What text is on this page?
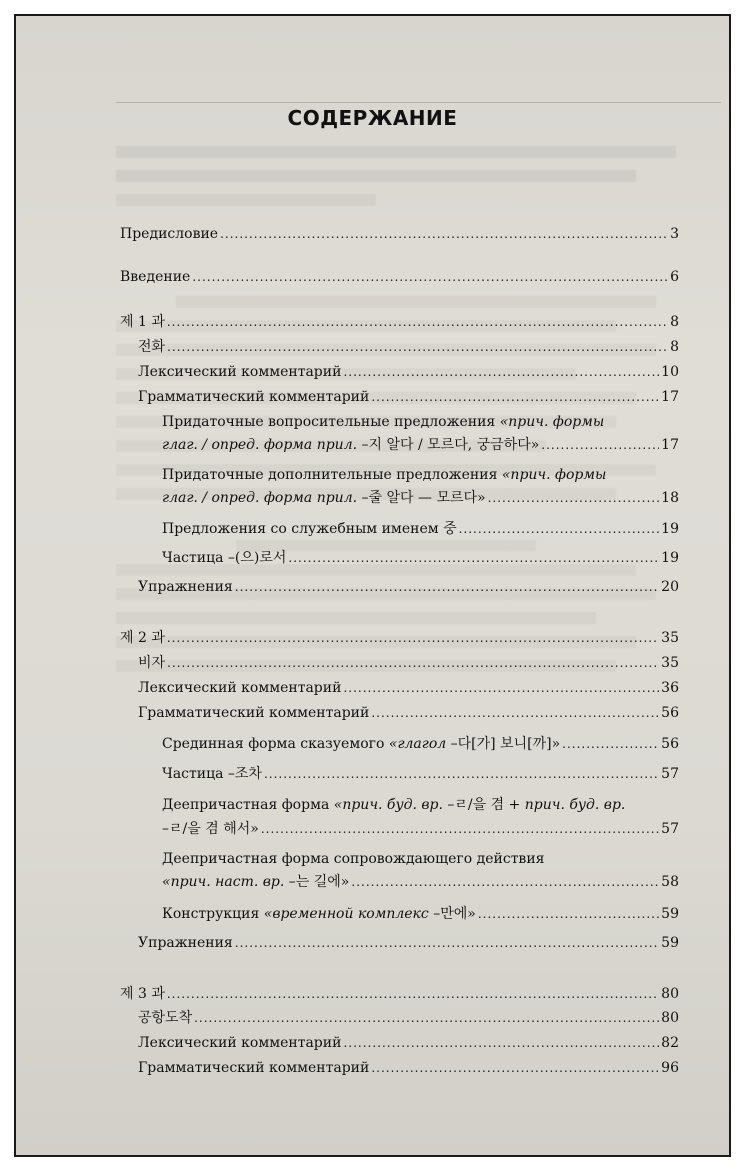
СОДЕРЖАНИЕ
Предисловие .....	3
Введение .....	6
제 1 과 .....	8
전화 .....	8
Лексический комментарий .....	10
Грамматический комментарий .....	17
Придаточные вопросительные предложения «прич. формы
глаг. / опред. форма прил. –지 알다 / 모르다, 궁금하다» .....	17
Придаточные дополнительные предложения «прич. формы
глаг. / опред. форма прил. –줄 알다 — 모르다» .....	18
Предложения со служебным именем 중 .....	19
Частица –(으)로서 .....	19
Упражнения .....	20
제 2 과 .....	35
비자 .....	35
Лексический комментарий .....	36
Грамматический комментарий .....	56
Срединная форма сказуемого «глагол –다[가] 보니[까]» .....	56
Частица –조차 .....	57
Деепричастная форма «прич. буд. вр. –ㄹ/을 겸 + прич. буд. вр.
–ㄹ/을 겸 해서» .....	57
Деепричастная форма сопровождающего действия
«прич. наст. вр. –는 길에» .....	58
Конструкция «временной комплекс –만에» .....	59
Упражнения .....	59
제 3 과 .....	80
공항도착 .....	80
Лексический комментарий .....	82
Грамматический комментарий .....	96
